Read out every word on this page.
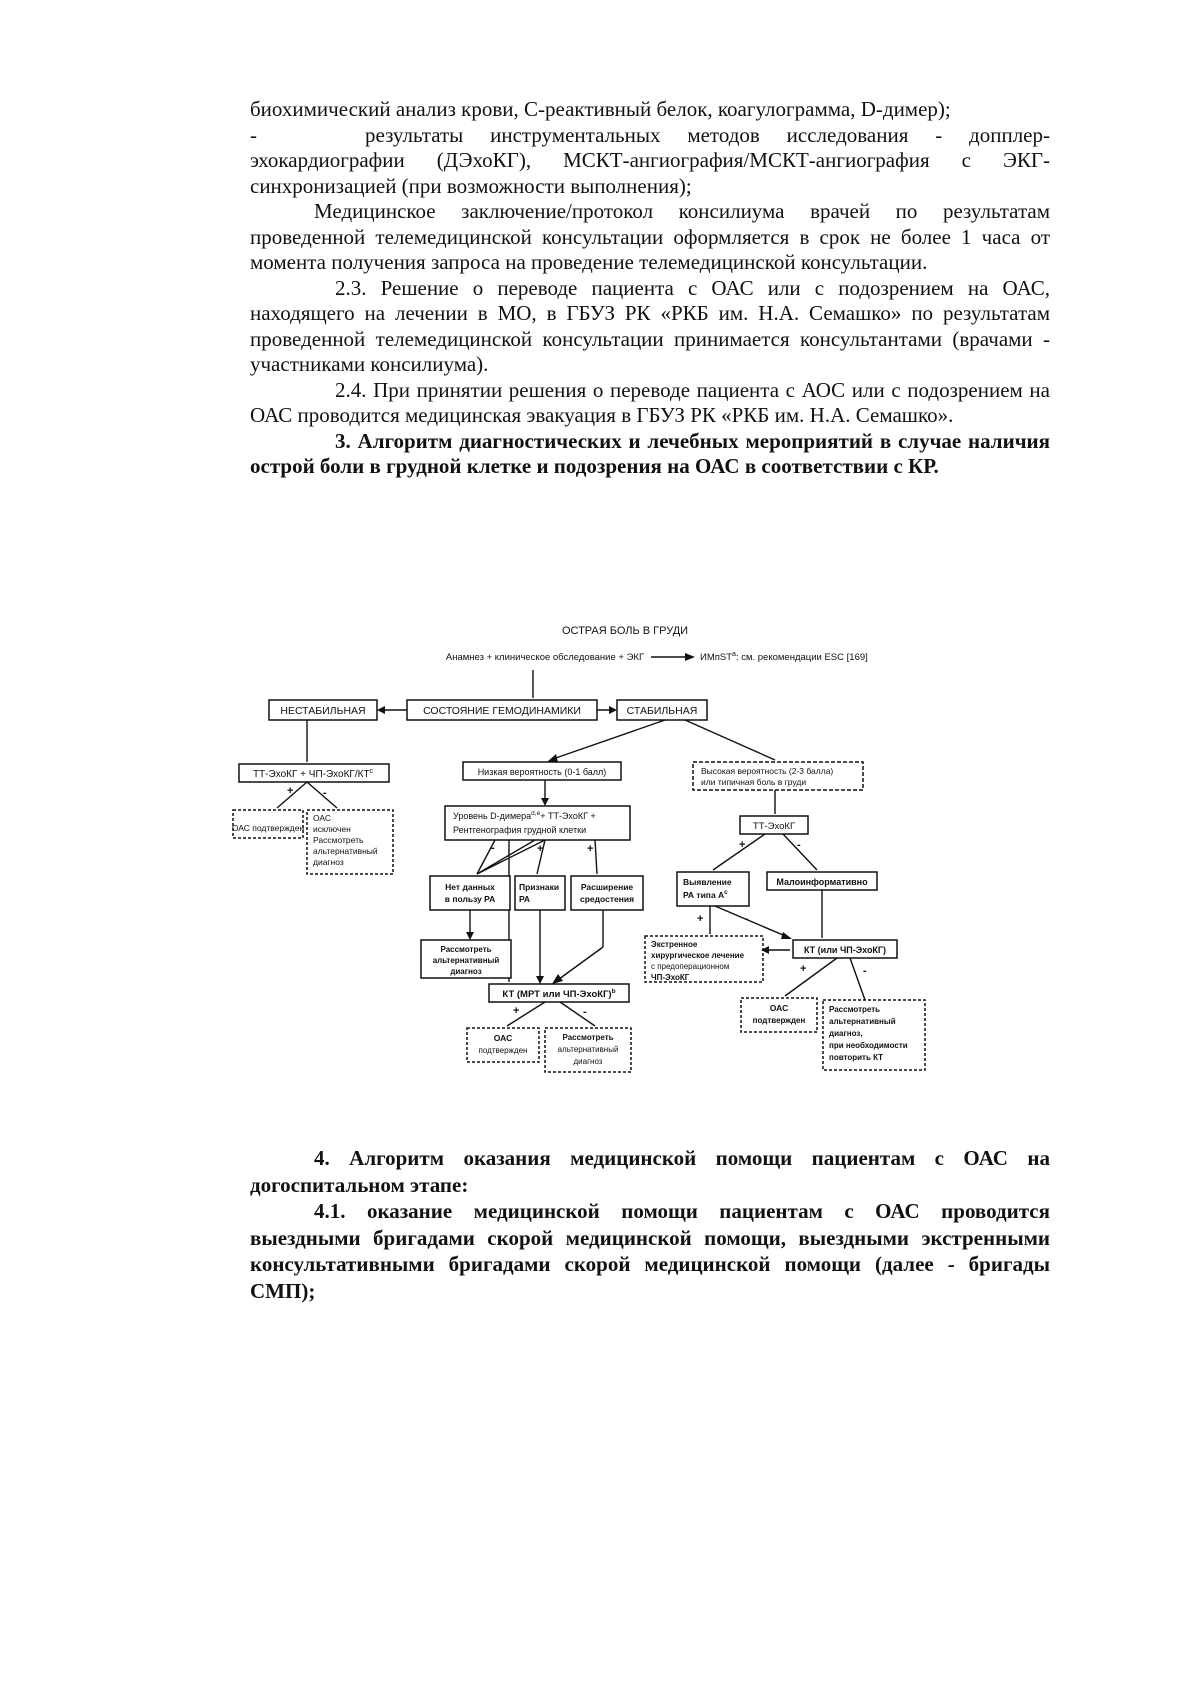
биохимический анализ крови, С-реактивный белок, коагулограмма, D-димер);

-	результаты инструментальных методов исследования - допплер-эхокардиографии (ДЭхоКГ), МСКТ-ангиография/МСКТ-ангиография с ЭКГ-синхронизацией (при возможности выполнения);

Медицинское заключение/протокол консилиума врачей по результатам проведенной телемедицинской консультации оформляется в срок не более 1 часа от момента получения запроса на проведение телемедицинской консультации.

2.3. Решение о переводе пациента с ОАС или с подозрением на ОАС, находящего на лечении в МО, в ГБУЗ РК «РКБ им. Н.А. Семашко» по результатам проведенной телемедицинской консультации принимается консультантами (врачами - участниками консилиума).

2.4. При принятии решения о переводе пациента с АОС или с подозрением на ОАС проводится медицинская эвакуация в ГБУЗ РК «РКБ им. Н.А. Семашко».

3. Алгоритм диагностических и лечебных мероприятий в случае наличия острой боли в грудной клетке и подозрения на ОАС в соответствии с КР.

ОСТРАЯ БОЛЬ В ГРУДИ
Анамнез + клиническое обследование + ЭКГ	ИМпST$^а$: см. рекомендации ESC [169]
СОСТОЯНИЕ ГЕМОДИНАМИКИ
НЕСТАБИЛЬНАЯ	СТАБИЛЬНАЯ
ТТ-ЭхоКГ + $ЧП-ЭхоКГ/КТ^с$
+	-
ОАС подтвержден
ОАС
исключен
Рассмотреть
альтернативный
диагноз
Низкая вероятность (0-1 балл)
Уровень D-димера$^{d,e}$+ ТТ-ЭхоКГ +
Рентгенография грудной клетки
-	+	+
Нет данных
в пользу РА
Признаки
РА
Расширение
средостения
Рассмотреть
альтернативный
диагноз
КТ (МРТ или ЧП-ЭхоКГ)$^b$
+	-
ОАС
подтвержден
Рассмотреть
альтернативный
диагноз
Высокая вероятность (2-3 балла)
или типичная боль в груди
ТТ-ЭхоКГ
+	-
Выявление
РА типа $А^с$
Малоинформативно
+	-
Экстренное
хирургическое лечение
с предоперационном
ЧП-ЭхоКГ
КТ (или ЧП-ЭхоКГ)
+	-
ОАС
подтвержден
Рассмотреть
альтернативный
диагноз,
при необходимости
повторить КТ

4. Алгоритм оказания медицинской помощи пациентам с ОАС на догоспитальном этапе:

4.1. оказание медицинской помощи пациентам с ОАС проводится выездными бригадами скорой медицинской помощи, выездными экстренными консультативными бригадами скорой медицинской помощи (далее - бригады СМП);
